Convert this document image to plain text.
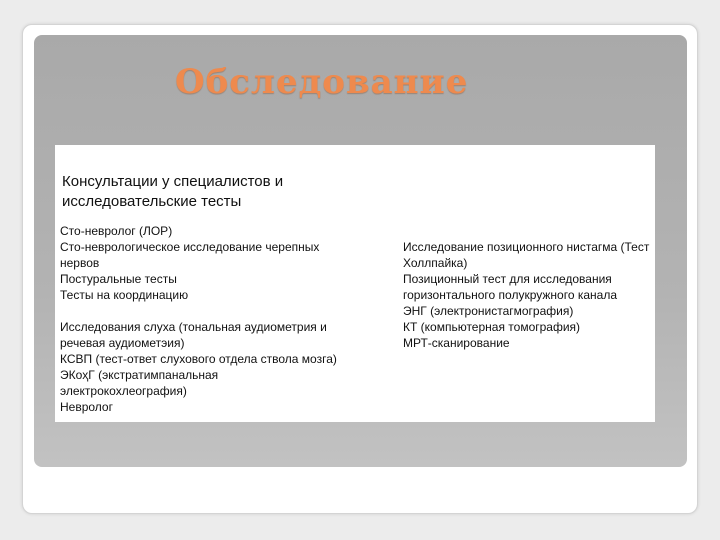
Обследование
Консультации у специалистов и исследовательские тесты
Сто-невролог (ЛОР)
Сто-неврологическое исследование черепных нервов
Постуральные тесты
Тесты на координацию
Исследования слуха (тональная аудиометрия и речевая аудиометэия)
КСВП (тест-ответ слухового отдела ствола мозга)
ЭКоҳГ (экстратимпанальная электрокохлеография)
Невролог
Исследование позиционного нистагма (Тест Холлпайка)
Позиционный тест для исследования горизонтального полукружного канала
ЭНГ (электронистагмография)
КТ (компьютерная томография)
МРТ-сканирование
